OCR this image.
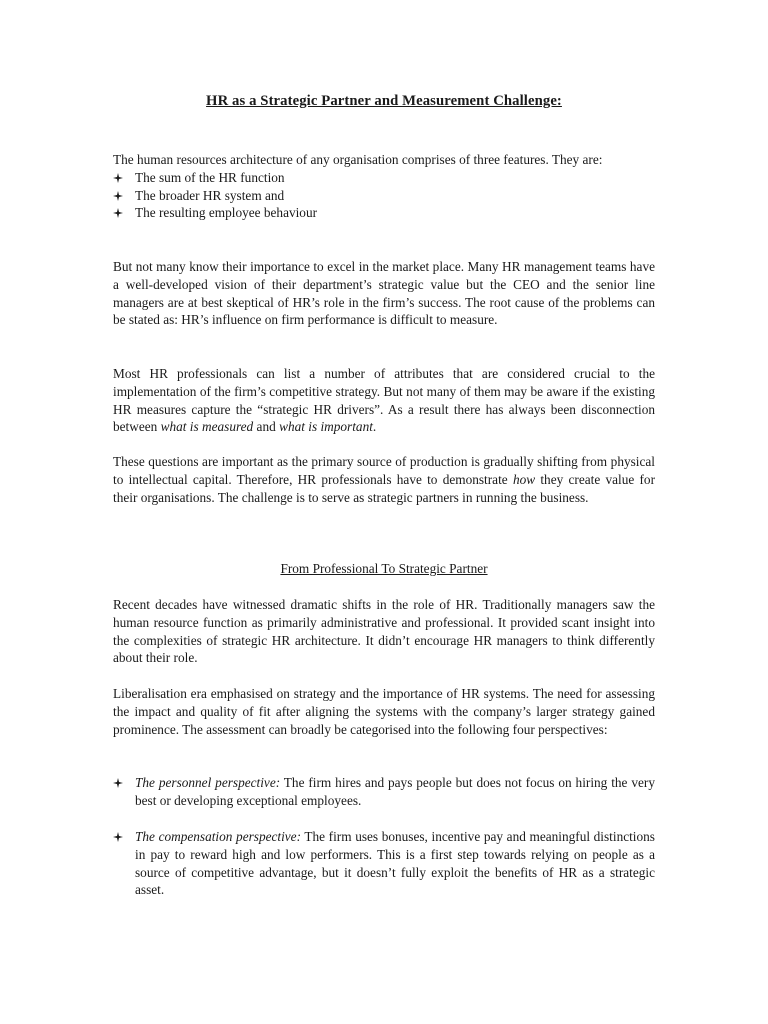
HR as a Strategic Partner and Measurement Challenge:

The human resources architecture of any organisation comprises of three features. They are:

The sum of the HR function
The broader HR system and
The resulting employee behaviour

But not many know their importance to excel in the market place. Many HR management teams have a well-developed vision of their department’s strategic value but the CEO and the senior line managers are at best skeptical of HR’s role in the firm’s success. The root cause of the problems can be stated as: HR’s influence on firm performance is difficult to measure.

Most HR professionals can list a number of attributes that are considered crucial to the implementation of the firm’s competitive strategy. But not many of them may be aware if the existing HR measures capture the “strategic HR drivers”. As a result there has always been disconnection between what is measured and what is important.

These questions are important as the primary source of production is gradually shifting from physical to intellectual capital. Therefore, HR professionals have to demonstrate how they create value for their organisations. The challenge is to serve as strategic partners in running the business.

From Professional To Strategic Partner

Recent decades have witnessed dramatic shifts in the role of HR. Traditionally managers saw the human resource function as primarily administrative and professional. It provided scant insight into the complexities of strategic HR architecture. It didn’t encourage HR managers to think differently about their role.

Liberalisation era emphasised on strategy and the importance of HR systems. The need for assessing the impact and quality of fit after aligning the systems with the company’s larger strategy gained prominence. The assessment can broadly be categorised into the following four perspectives:

The personnel perspective: The firm hires and pays people but does not focus on hiring the very best or developing exceptional employees.
The compensation perspective: The firm uses bonuses, incentive pay and meaningful distinctions in pay to reward high and low performers. This is a first step towards relying on people as a source of competitive advantage, but it doesn’t fully exploit the benefits of HR as a strategic asset.
